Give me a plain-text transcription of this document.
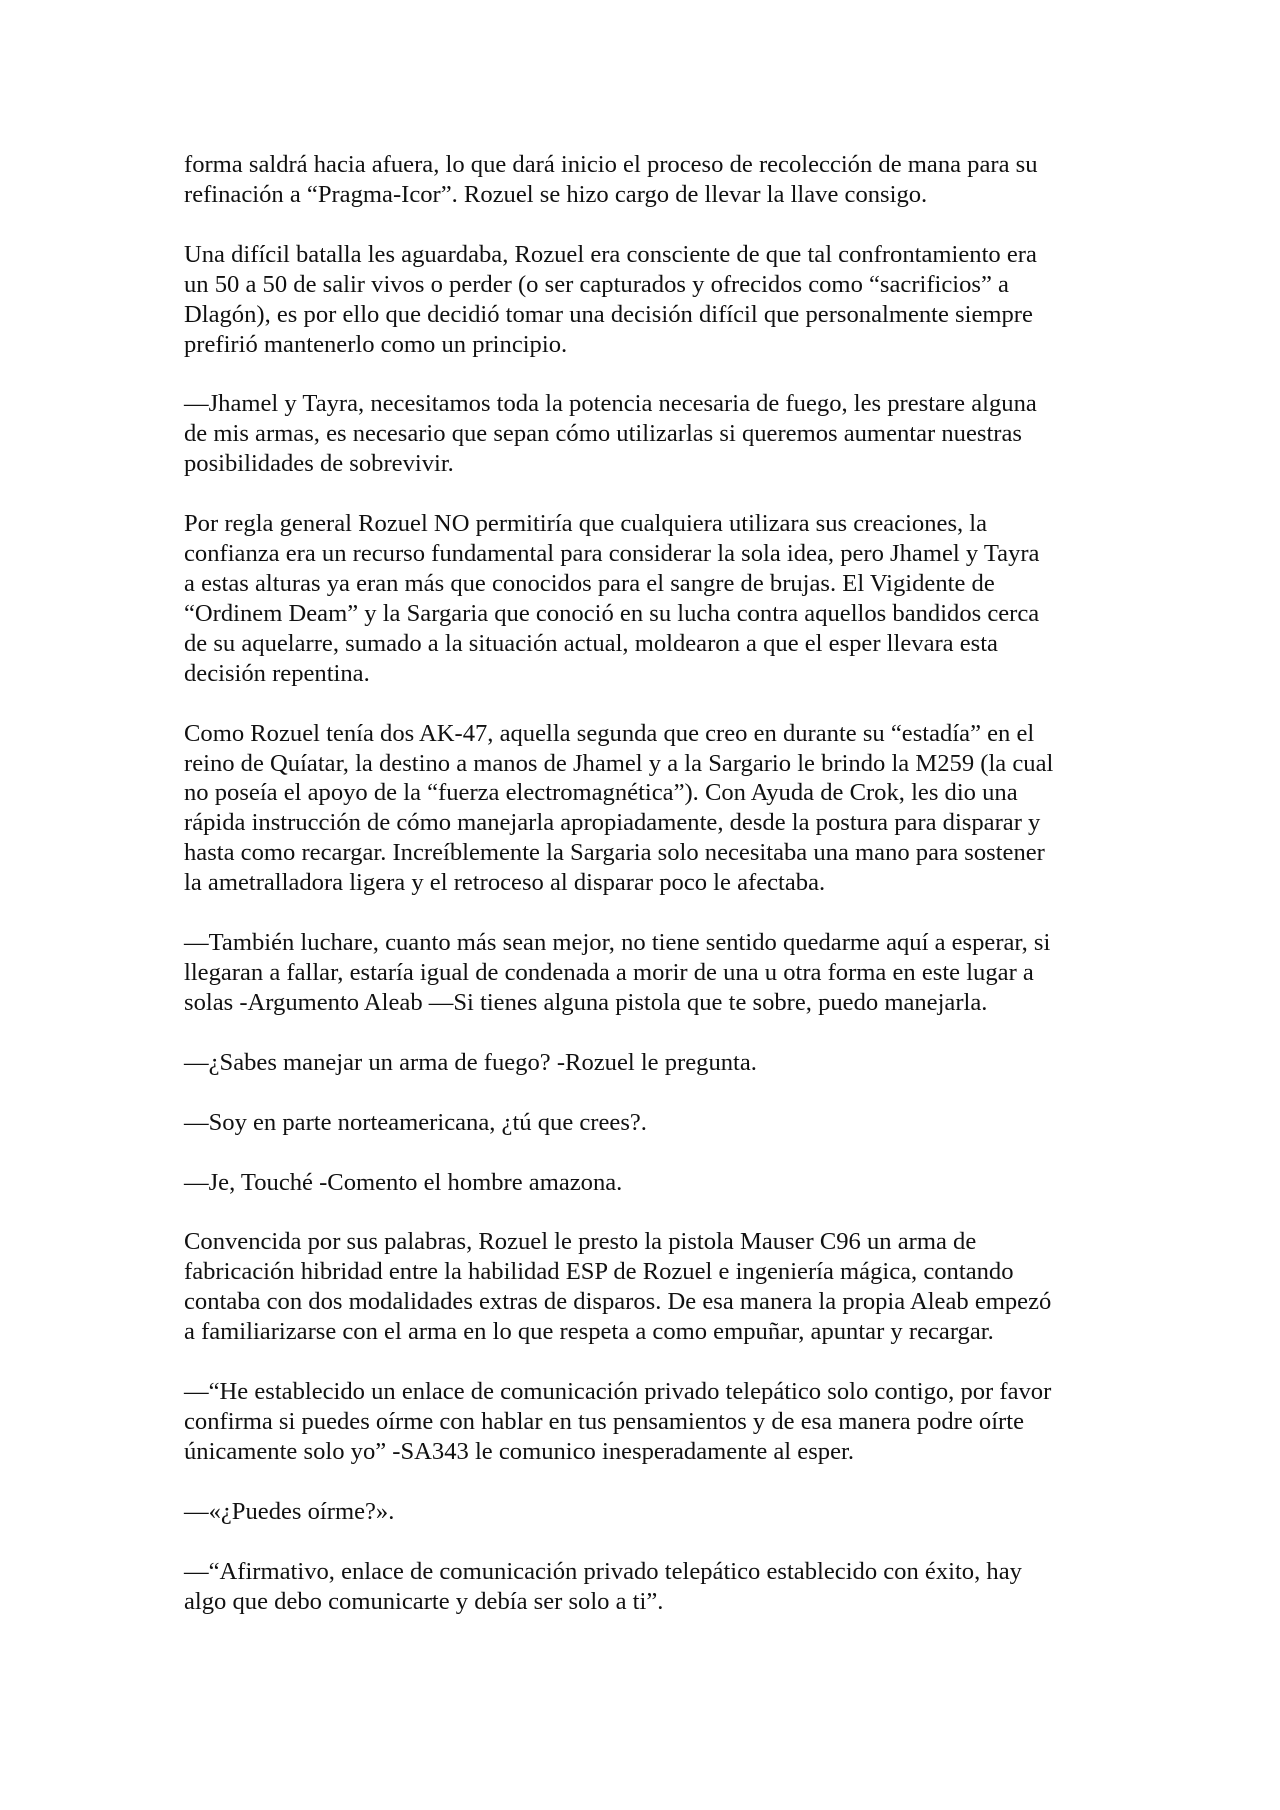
forma saldrá hacia afuera, lo que dará inicio el proceso de recolección de mana para su
refinación a “Pragma-Icor”. Rozuel se hizo cargo de llevar la llave consigo.

Una difícil batalla les aguardaba, Rozuel era consciente de que tal confrontamiento era
un 50 a 50 de salir vivos o perder (o ser capturados y ofrecidos como “sacrificios” a
Dlagón), es por ello que decidió tomar una decisión difícil que personalmente siempre
prefirió mantenerlo como un principio.

—Jhamel y Tayra, necesitamos toda la potencia necesaria de fuego, les prestare alguna
de mis armas, es necesario que sepan cómo utilizarlas si queremos aumentar nuestras
posibilidades de sobrevivir.

Por regla general Rozuel NO permitiría que cualquiera utilizara sus creaciones, la
confianza era un recurso fundamental para considerar la sola idea, pero Jhamel y Tayra
a estas alturas ya eran más que conocidos para el sangre de brujas. El Vigidente de
“Ordinem Deam” y la Sargaria que conoció en su lucha contra aquellos bandidos cerca
de su aquelarre, sumado a la situación actual, moldearon a que el esper llevara esta
decisión repentina.

Como Rozuel tenía dos AK-47, aquella segunda que creo en durante su “estadía” en el
reino de Quíatar, la destino a manos de Jhamel y a la Sargario le brindo la M259 (la cual
no poseía el apoyo de la “fuerza electromagnética”). Con Ayuda de Crok, les dio una
rápida instrucción de cómo manejarla apropiadamente, desde la postura para disparar y
hasta como recargar. Increíblemente la Sargaria solo necesitaba una mano para sostener
la ametralladora ligera y el retroceso al disparar poco le afectaba.

—También luchare, cuanto más sean mejor, no tiene sentido quedarme aquí a esperar, si
llegaran a fallar, estaría igual de condenada a morir de una u otra forma en este lugar a
solas -Argumento Aleab —Si tienes alguna pistola que te sobre, puedo manejarla.

—¿Sabes manejar un arma de fuego? -Rozuel le pregunta.

—Soy en parte norteamericana, ¿tú que crees?.

—Je, Touché -Comento el hombre amazona.

Convencida por sus palabras, Rozuel le presto la pistola Mauser C96 un arma de
fabricación hibridad entre la habilidad ESP de Rozuel e ingeniería mágica, contando
contaba con dos modalidades extras de disparos. De esa manera la propia Aleab empezó
a familiarizarse con el arma en lo que respeta a como empuñar, apuntar y recargar.

—“He establecido un enlace de comunicación privado telepático solo contigo, por favor
confirma si puedes oírme con hablar en tus pensamientos y de esa manera podre oírte
únicamente solo yo” -SA343 le comunico inesperadamente al esper.

—«¿Puedes oírme?».

—“Afirmativo, enlace de comunicación privado telepático establecido con éxito, hay
algo que debo comunicarte y debía ser solo a ti”.
